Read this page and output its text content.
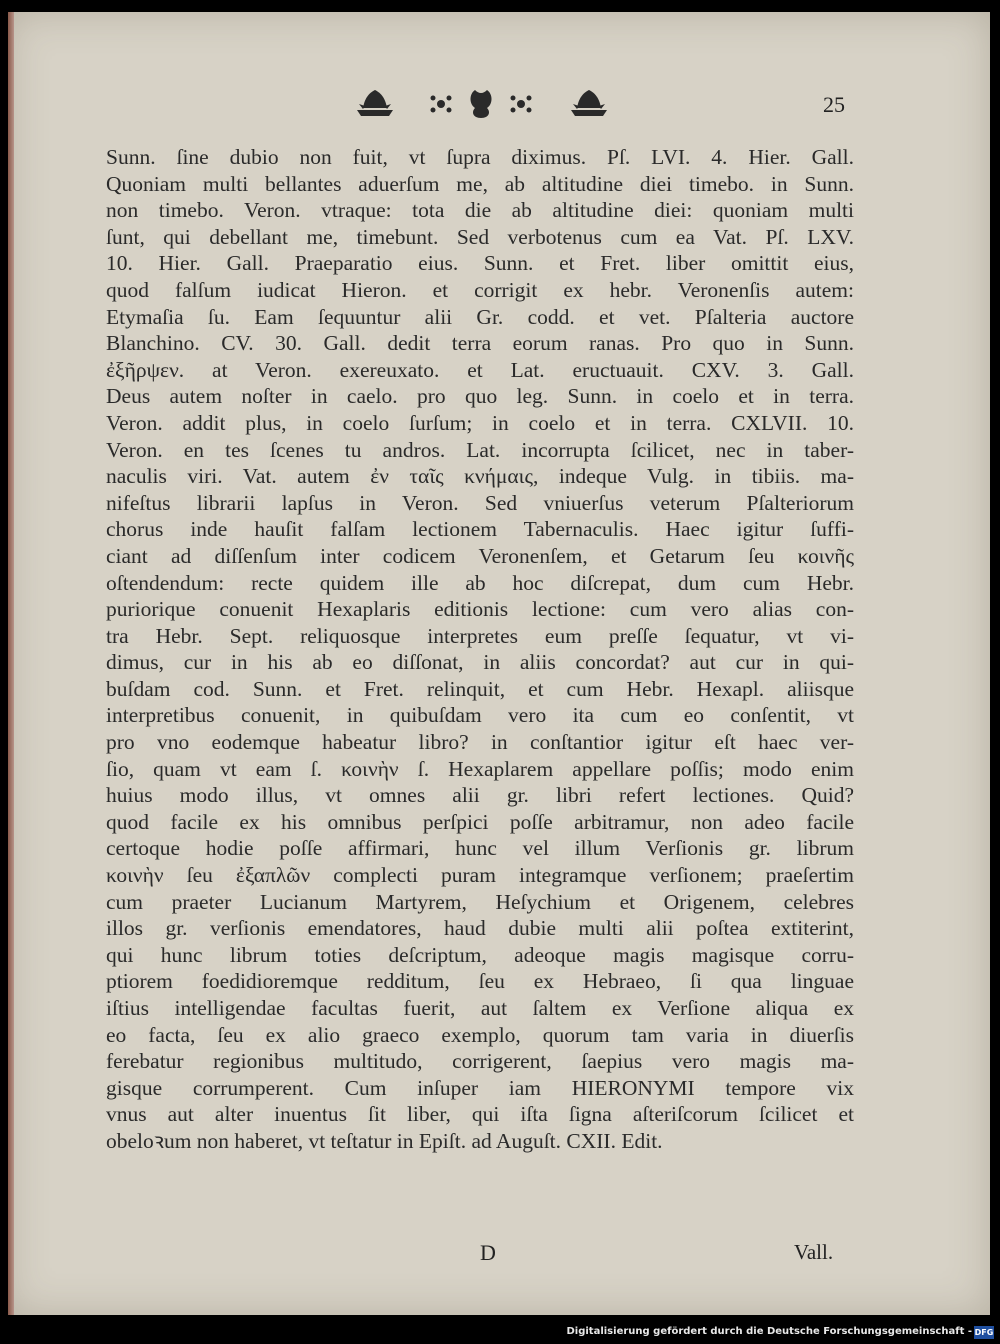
25
Sunn. ſine dubio non fuit, vt ſupra diximus. Pſ. LVI. 4. Hier. Gall.
Quoniam multi bellantes aduerſum me, ab altitudine diei timebo. in Sunn.
non timebo. Veron. vtraque: tota die ab altitudine diei: quoniam multi
ſunt, qui debellant me, timebunt. Sed verbotenus cum ea Vat. Pſ. LXV.
10. Hier. Gall. Praeparatio eius. Sunn. et Fret. liber omittit eius,
quod falſum iudicat Hieron. et corrigit ex hebr. Veronenſis autem:
Etymaſia ſu. Eam ſequuntur alii Gr. codd. et vet. Pſalteria auctore
Blanchino. CV. 30. Gall. dedit terra eorum ranas. Pro quo in Sunn.
ἐξῆρψεν. at Veron. exereuxato. et Lat. eructuauit. CXV. 3. Gall.
Deus autem noſter in caelo. pro quo leg. Sunn. in coelo et in terra.
Veron. addit plus, in coelo ſurſum; in coelo et in terra. CXLVII. 10.
Veron. en tes ſcenes tu andros. Lat. incorrupta ſcilicet, nec in taber-
naculis viri. Vat. autem ἐν ταῖς κνήμαις, indeque Vulg. in tibiis. ma-
nifeſtus librarii lapſus in Veron. Sed vniuerſus veterum Pſalteriorum
chorus inde hauſit falſam lectionem Tabernaculis. Haec igitur ſuffi-
ciant ad diſſenſum inter codicem Veronenſem, et Getarum ſeu κοινῆς
oſtendendum: recte quidem ille ab hoc diſcrepat, dum cum Hebr.
puriorique conuenit Hexaplaris editionis lectione: cum vero alias con-
tra Hebr. Sept. reliquosque interpretes eum preſſe ſequatur, vt vi-
dimus, cur in his ab eo diſſonat, in aliis concordat? aut cur in qui-
buſdam cod. Sunn. et Fret. relinquit, et cum Hebr. Hexapl. aliisque
interpretibus conuenit, in quibuſdam vero ita cum eo conſentit, vt
pro vno eodemque habeatur libro? in conſtantior igitur eſt haec ver-
ſio, quam vt eam ſ. κοινὴν ſ. Hexaplarem appellare poſſis; modo enim
huius modo illus, vt omnes alii gr. libri refert lectiones. Quid?
quod facile ex his omnibus perſpici poſſe arbitramur, non adeo facile
certoque hodie poſſe affirmari, hunc vel illum Verſionis gr. librum
κοινὴν ſeu ἐξαπλῶν complecti puram integramque verſionem; praeſertim
cum praeter Lucianum Martyrem, Heſychium et Origenem, celebres
illos gr. verſionis emendatores, haud dubie multi alii poſtea extiterint,
qui hunc librum toties deſcriptum, adeoque magis magisque corru-
ptiorem foedidioremque redditum, ſeu ex Hebraeo, ſi qua linguae
iſtius intelligendae facultas fuerit, aut ſaltem ex Verſione aliqua ex
eo facta, ſeu ex alio graeco exemplo, quorum tam varia in diuerſis
ferebatur regionibus multitudo, corrigerent, ſaepius vero magis ma-
gisque corrumperent. Cum inſuper iam HIERONYMI tempore vix
vnus aut alter inuentus ſit liber, qui iſta ſigna aſteriſcorum ſcilicet et
obeloꝛum non haberet, vt teſtatur in Epiſt. ad Auguſt. CXII. Edit.
D	Vall.
Digitalisierung gefördert durch die Deutsche Forschungsgemeinschaft - DFG
